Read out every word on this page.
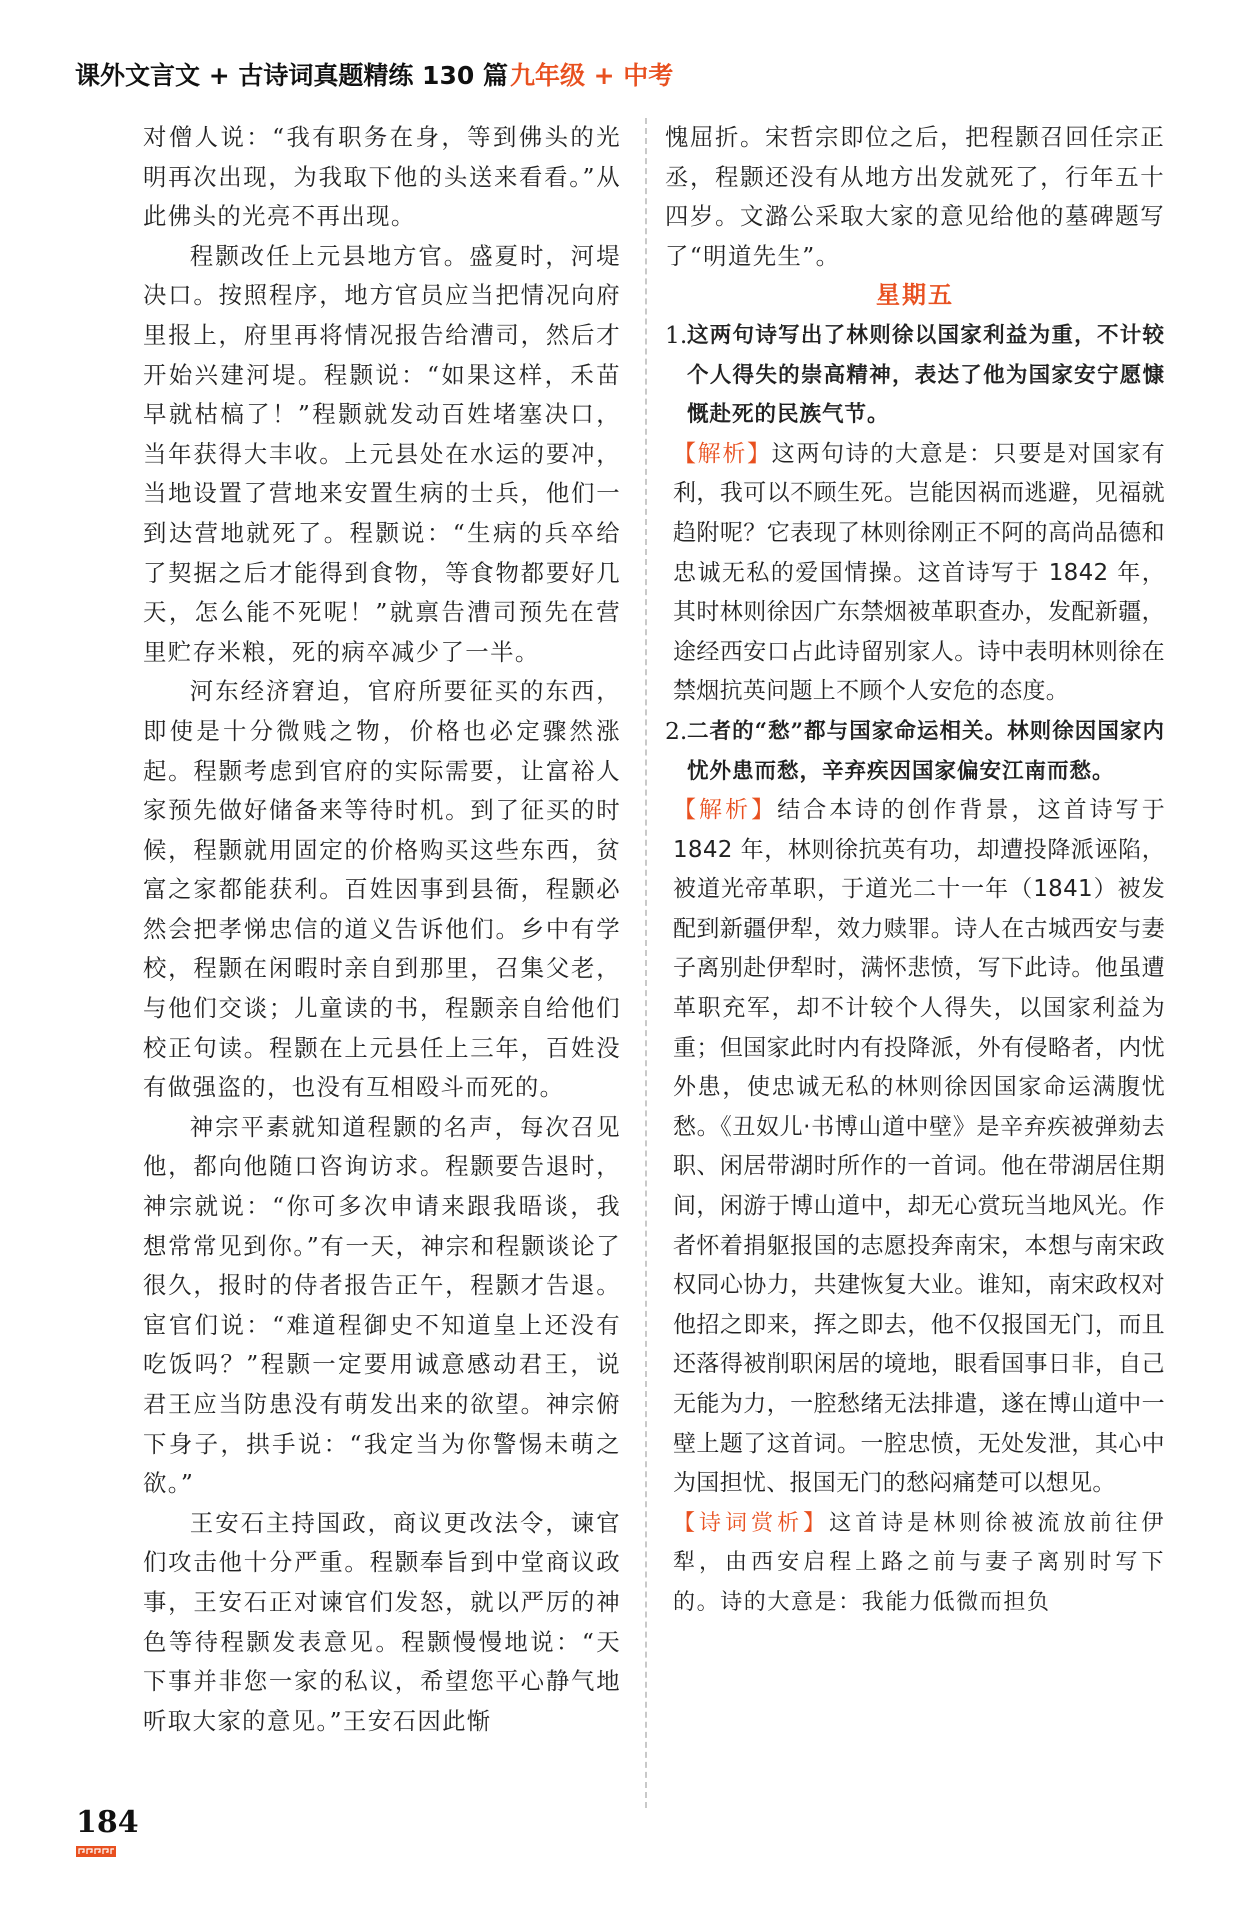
课外文言文 + 古诗词真题精练 130 篇九年级 + 中考

对僧人说：“我有职务在身，等到佛头的光明再次出现，为我取下他的头送来看看。”从此佛头的光亮不再出现。

程颢改任上元县地方官。盛夏时，河堤决口。按照程序，地方官员应当把情况向府里报上，府里再将情况报告给漕司，然后才开始兴建河堤。程颢说：“如果这样，禾苗早就枯槁了！”程颢就发动百姓堵塞决口，当年获得大丰收。上元县处在水运的要冲，当地设置了营地来安置生病的士兵，他们一到达营地就死了。程颢说：“生病的兵卒给了契据之后才能得到食物，等食物都要好几天，怎么能不死呢！”就禀告漕司预先在营里贮存米粮，死的病卒减少了一半。

河东经济窘迫，官府所要征买的东西，即使是十分微贱之物，价格也必定骤然涨起。程颢考虑到官府的实际需要，让富裕人家预先做好储备来等待时机。到了征买的时候，程颢就用固定的价格购买这些东西，贫富之家都能获利。百姓因事到县衙，程颢必然会把孝悌忠信的道义告诉他们。乡中有学校，程颢在闲暇时亲自到那里，召集父老，与他们交谈；儿童读的书，程颢亲自给他们校正句读。程颢在上元县任上三年，百姓没有做强盗的，也没有互相殴斗而死的。

神宗平素就知道程颢的名声，每次召见他，都向他随口咨询访求。程颢要告退时，神宗就说：“你可多次申请来跟我晤谈，我想常常见到你。”有一天，神宗和程颢谈论了很久，报时的侍者报告正午，程颢才告退。宦官们说：“难道程御史不知道皇上还没有吃饭吗？”程颢一定要用诚意感动君王，说君王应当防患没有萌发出来的欲望。神宗俯下身子，拱手说：“我定当为你警惕未萌之欲。”

王安石主持国政，商议更改法令，谏官们攻击他十分严重。程颢奉旨到中堂商议政事，王安石正对谏官们发怒，就以严厉的神色等待程颢发表意见。程颢慢慢地说：“天下事并非您一家的私议，希望您平心静气地听取大家的意见。”王安石因此惭

愧屈折。宋哲宗即位之后，把程颢召回任宗正丞，程颢还没有从地方出发就死了，行年五十四岁。文潞公采取大家的意见给他的墓碑题写了“明道先生”。

星期五
1. 这两句诗写出了林则徐以国家利益为重，不计较个人得失的崇高精神，表达了他为国家安宁愿慷慨赴死的民族气节。

【解析】这两句诗的大意是：只要是对国家有利，我可以不顾生死。岂能因祸而逃避，见福就趋附呢？它表现了林则徐刚正不阿的高尚品德和忠诚无私的爱国情操。这首诗写于 1842 年，其时林则徐因广东禁烟被革职查办，发配新疆，途经西安口占此诗留别家人。诗中表明林则徐在禁烟抗英问题上不顾个人安危的态度。

2. 二者的“愁”都与国家命运相关。林则徐因国家内忧外患而愁，辛弃疾因国家偏安江南而愁。

【解析】结合本诗的创作背景，这首诗写于 1842 年，林则徐抗英有功，却遭投降派诬陷，被道光帝革职，于道光二十一年（1841）被发配到新疆伊犁，效力赎罪。诗人在古城西安与妻子离别赴伊犁时，满怀悲愤，写下此诗。他虽遭革职充军，却不计较个人得失，以国家利益为重；但国家此时内有投降派，外有侵略者，内忧外患，使忠诚无私的林则徐因国家命运满腹忧愁。《丑奴儿·书博山道中壁》是辛弃疾被弹劾去职、闲居带湖时所作的一首词。他在带湖居住期间，闲游于博山道中，却无心赏玩当地风光。作者怀着捐躯报国的志愿投奔南宋，本想与南宋政权同心协力，共建恢复大业。谁知，南宋政权对他招之即来，挥之即去，他不仅报国无门，而且还落得被削职闲居的境地，眼看国事日非，自己无能为力，一腔愁绪无法排遣，遂在博山道中一壁上题了这首词。一腔忠愤，无处发泄，其心中为国担忧、报国无门的愁闷痛楚可以想见。

【诗词赏析】这首诗是林则徐被流放前往伊犁，由西安启程上路之前与妻子离别时写下的。诗的大意是：我能力低微而担负

184
